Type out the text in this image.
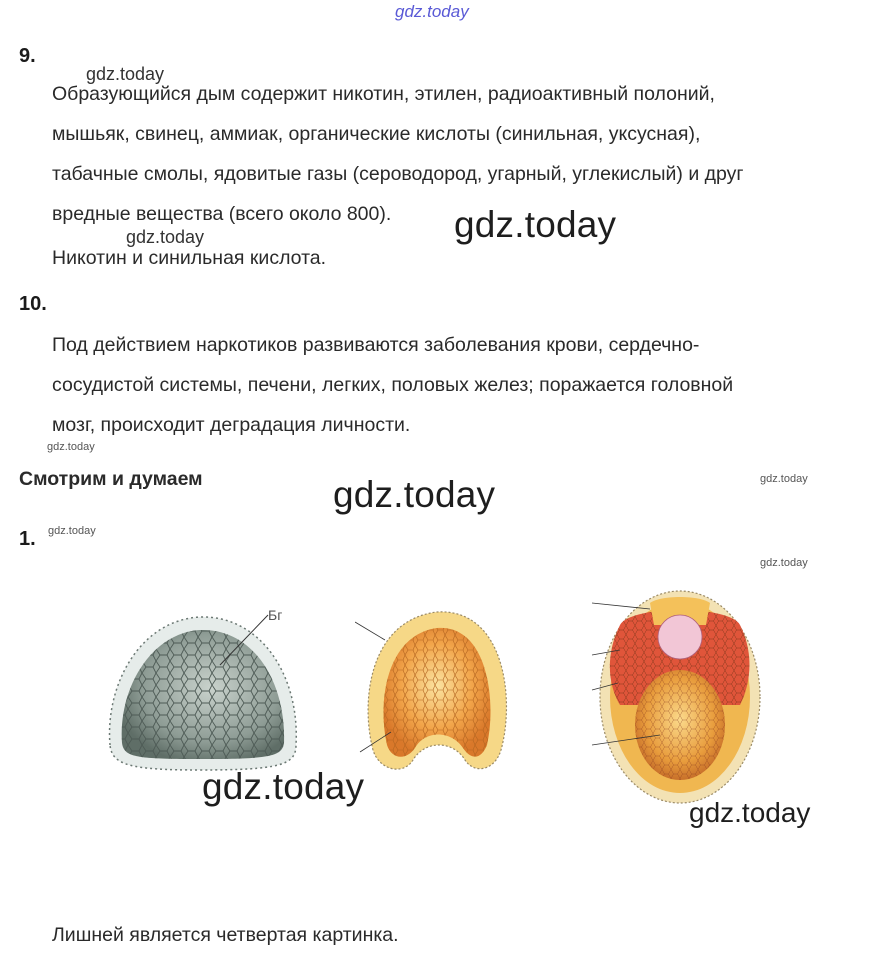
gdz.today
9.
gdz.today
Образующийся дым содержит никотин, этилен, радиоактивный полоний,
мышьяк, свинец, аммиак, органические кислоты (синильная, уксусная),
табачные смолы, ядовитые газы (сероводород, угарный, углекислый) и друг
вредные вещества (всего около 800).	gdz.today
gdz.today
Никотин и синильная кислота.
10.
Под действием наркотиков развиваются заболевания крови, сердечно-
сосудистой системы, печени, легких, половых желез; поражается головной
мозг, происходит деградация личности.
gdz.today
Смотрим и думаем	gdz.today
gdz.today
1. gdz.today
gdz.today
Бг
gdz.today
gdz.today
Лишней является четвертая картинка.
